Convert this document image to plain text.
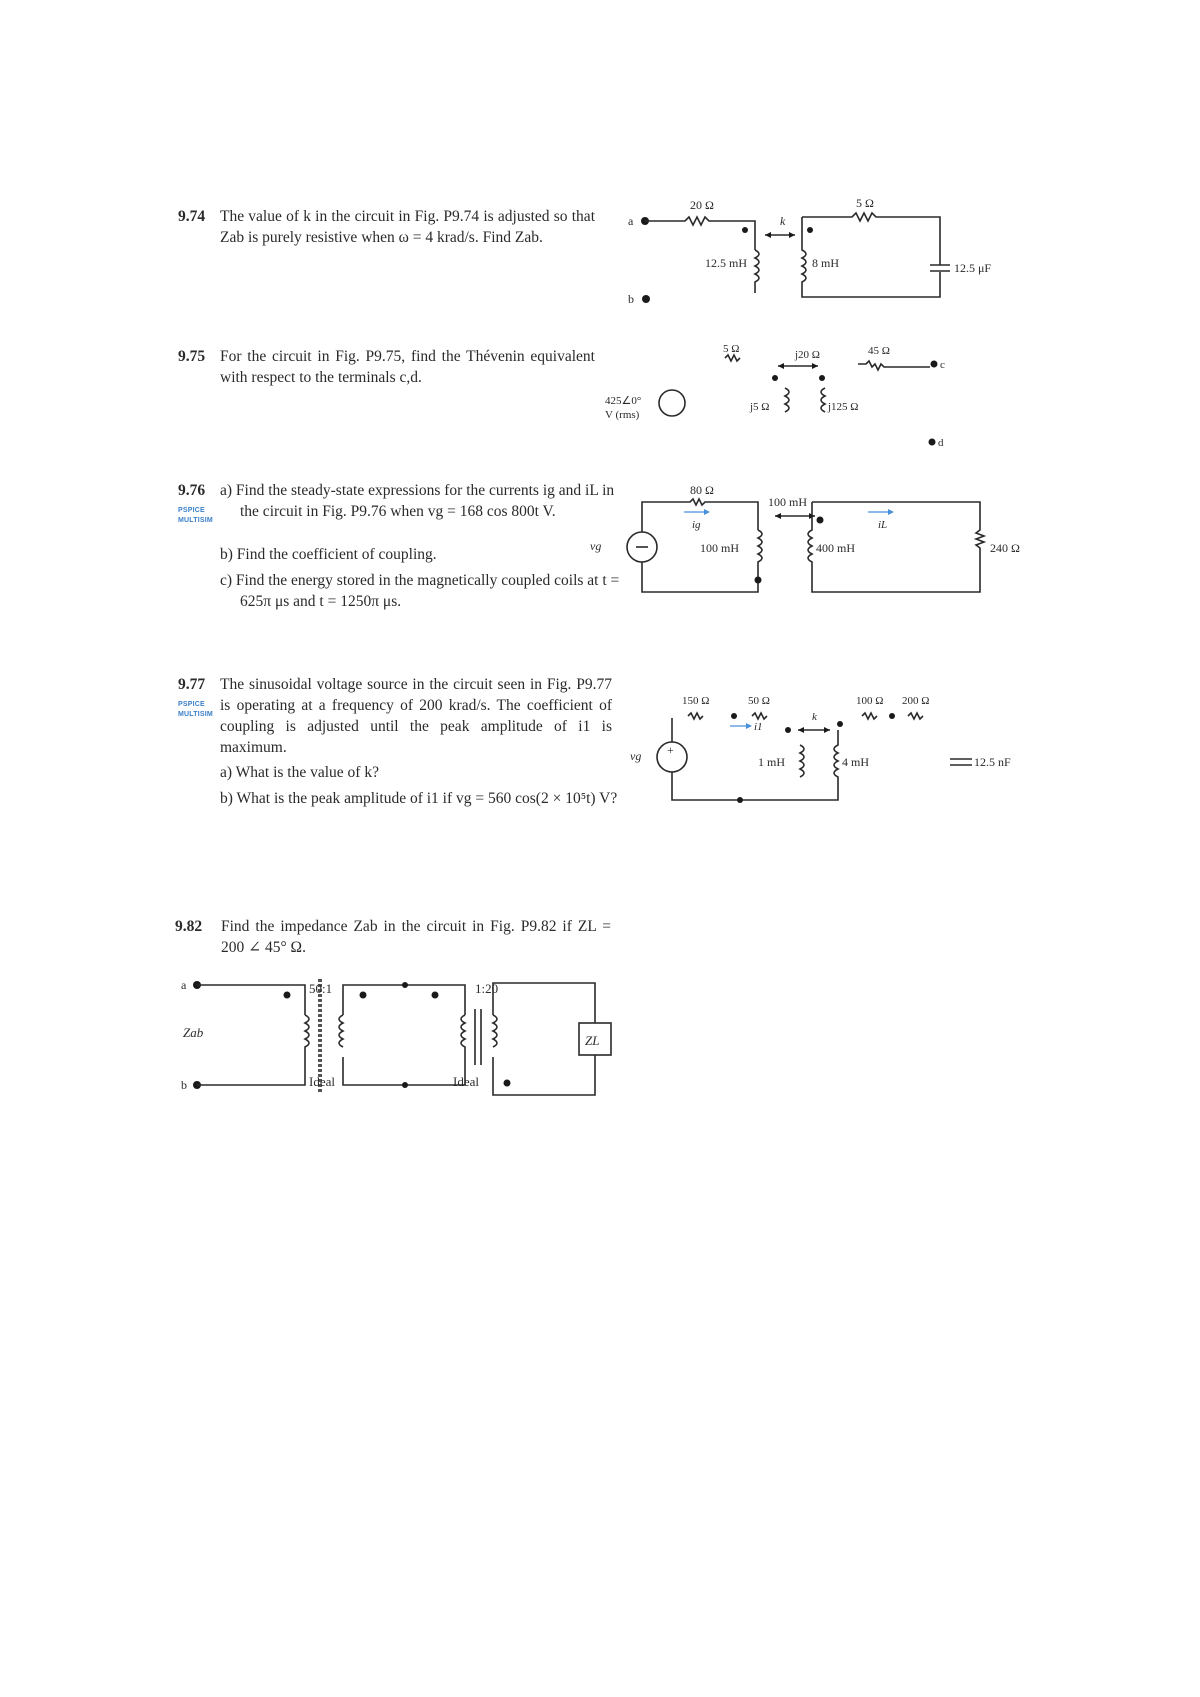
9.74 The value of k in the circuit in Fig. P9.74 is adjusted so that Zab is purely resistive when ω = 4 krad/s. Find Zab.
a
20 Ω
12.5 mH
k
8 mH
5 Ω
12.5 μF
b
9.75 For the circuit in Fig. P9.75, find the Thévenin equivalent with respect to the terminals c,d.
425∠0°
V (rms)
5 Ω	j20 Ω
j5 Ω	j125 Ω
45 Ω
c
d
9.76
PSPICE
MULTISIM
a) Find the steady-state expressions for the currents ig and iL in the circuit in Fig. P9.76 when vg = 168 cos 800t V.
b) Find the coefficient of coupling.
c) Find the energy stored in the magnetically coupled coils at t = 625π μs and t = 1250π μs.
vg
80 Ω
ig
100 mH
100 mH
400 mH	240 Ω
iL
9.77
PSPICE
MULTISIM
The sinusoidal voltage source in the circuit seen in Fig. P9.77 is operating at a frequency of 200 krad/s. The coefficient of coupling is adjusted until the peak amplitude of i1 is maximum.
a) What is the value of k?
b) What is the peak amplitude of i1 if vg = 560 cos(2 × 10⁵t) V?
vg +
150 Ω	50 Ω
i1
k
1 mH	4 mH
100 Ω 200 Ω
12.5 nF
9.82 Find the impedance Zab in the circuit in Fig. P9.82 if ZL = 200 ∠ 45° Ω.
a
b
Zab
50:1
Ideal
1:20
Ideal
ZL
